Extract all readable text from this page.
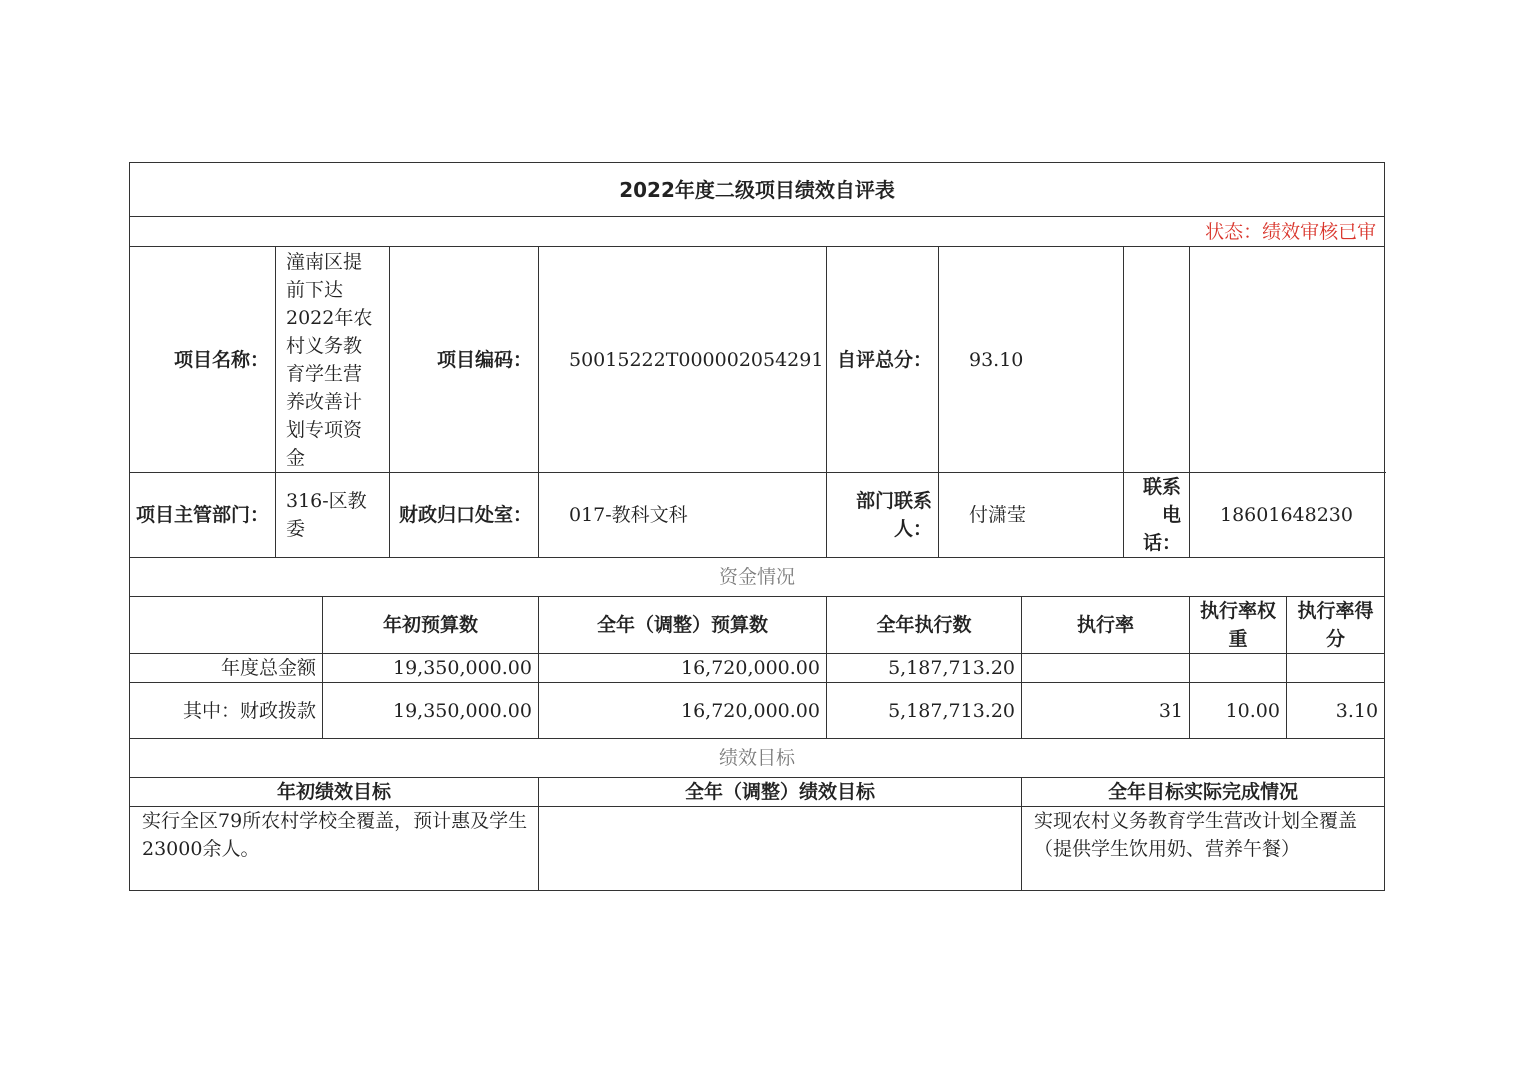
2022年度二级项目绩效自评表										
状态：绩效审核已审										
项目名称：	潼南区提前下达2022年农村义务教育学生营养改善计划专项资金		项目编码：	50015222T000002054291	自评总分：	93.10				
项目主管部门：	316-区教委		财政归口处室：	017-教科文科	部门联系人：	付潇莹		联系电话：	18601648230	
资金情况										
		年初预算数		全年（调整）预算数	全年执行数		执行率		执行率权重	执行率得分
年度总金额		19,350,000.00		16,720,000.00	5,187,713.20					
其中：财政拨款		19,350,000.00		16,720,000.00	5,187,713.20		31		10.00	3.10
绩效目标										
年初绩效目标				全年（调整）绩效目标			全年目标实际完成情况			
实行全区79所农村学校全覆盖，预计惠及学生23000余人。							实现农村义务教育学生营改计划全覆盖（提供学生饮用奶、营养午餐）			
